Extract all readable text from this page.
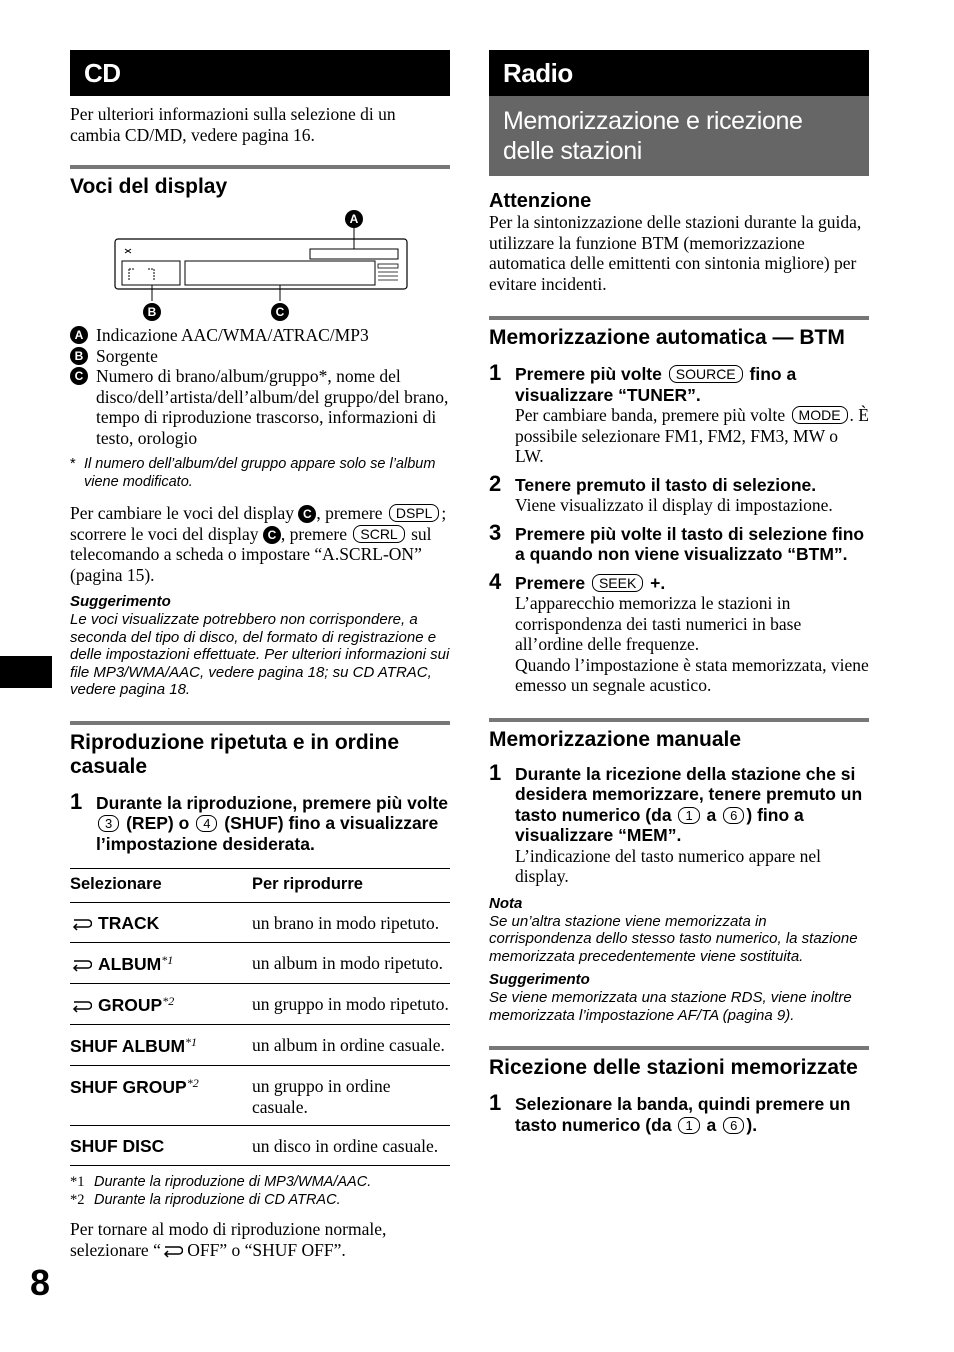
CD
Per ulteriori informazioni sulla selezione di un cambia CD/MD, vedere pagina 16.
Voci del display
A
B	C
A Indicazione AAC/WMA/ATRAC/MP3
B Sorgente
C Numero di brano/album/gruppo*, nome del disco/dell’artista/dell’album/del gruppo/del brano, tempo di riproduzione trascorso, informazioni di testo, orologio
* Il numero dell’album/del gruppo appare solo se l’album viene modificato.
Per cambiare le voci del display C , premere DSPL ; scorrere le voci del display C , premere SCRL sul telecomando a scheda o impostare “A.SCRL-ON” (pagina 15).
Suggerimento
Le voci visualizzate potrebbero non corrispondere, a seconda del tipo di disco, del formato di registrazione e delle impostazioni effettuate. Per ulteriori informazioni sui file MP3/WMA/AAC, vedere pagina 18; su CD ATRAC, vedere pagina 18.
Riproduzione ripetuta e in ordine casuale
1 Durante la riproduzione, premere più volte 3 (REP) o 4 (SHUF) fino a visualizzare l’impostazione desiderata.
Selezionare	Per riprodurre
TRACK	un brano in modo ripetuto.
ALBUM$^{*1}$	un album in modo ripetuto.
GROUP$^{*2}$	un gruppo in modo ripetuto.
SHUF ALBUM$^{*1}$	un album in ordine casuale.
SHUF GROUP$^{*2}$	un gruppo in ordine casuale.
SHUF DISC	un disco in ordine casuale.
*1 Durante la riproduzione di MP3/WMA/AAC.
*2 Durante la riproduzione di CD ATRAC.
Per tornare al modo di riproduzione normale, selezionare “ OFF” o “SHUF OFF”.
Radio
Memorizzazione e ricezione delle stazioni
Attenzione
Per la sintonizzazione delle stazioni durante la guida, utilizzare la funzione BTM (memorizzazione automatica delle emittenti con sintonia migliore) per evitare incidenti.
Memorizzazione automatica — BTM
1 Premere più volte SOURCE fino a visualizzare “TUNER”.
Per cambiare banda, premere più volte MODE . È possibile selezionare FM1, FM2, FM3, MW o LW.
2 Tenere premuto il tasto di selezione.
Viene visualizzato il display di impostazione.
3 Premere più volte il tasto di selezione fino a quando non viene visualizzato “BTM”.
4 Premere SEEK +.
L’apparecchio memorizza le stazioni in corrispondenza dei tasti numerici in base all’ordine delle frequenze.
Quando l’impostazione è stata memorizzata, viene emesso un segnale acustico.
Memorizzazione manuale
1 Durante la ricezione della stazione che si desidera memorizzare, tenere premuto un tasto numerico (da 1 a 6 ) fino a visualizzare “MEM”.
L’indicazione del tasto numerico appare nel display.
Nota
Se un’altra stazione viene memorizzata in corrispondenza dello stesso tasto numerico, la stazione memorizzata precedentemente viene sostituita.
Suggerimento
Se viene memorizzata una stazione RDS, viene inoltre memorizzata l’impostazione AF/TA (pagina 9).
Ricezione delle stazioni memorizzate
1 Selezionare la banda, quindi premere un tasto numerico (da 1 a 6 ).
8
